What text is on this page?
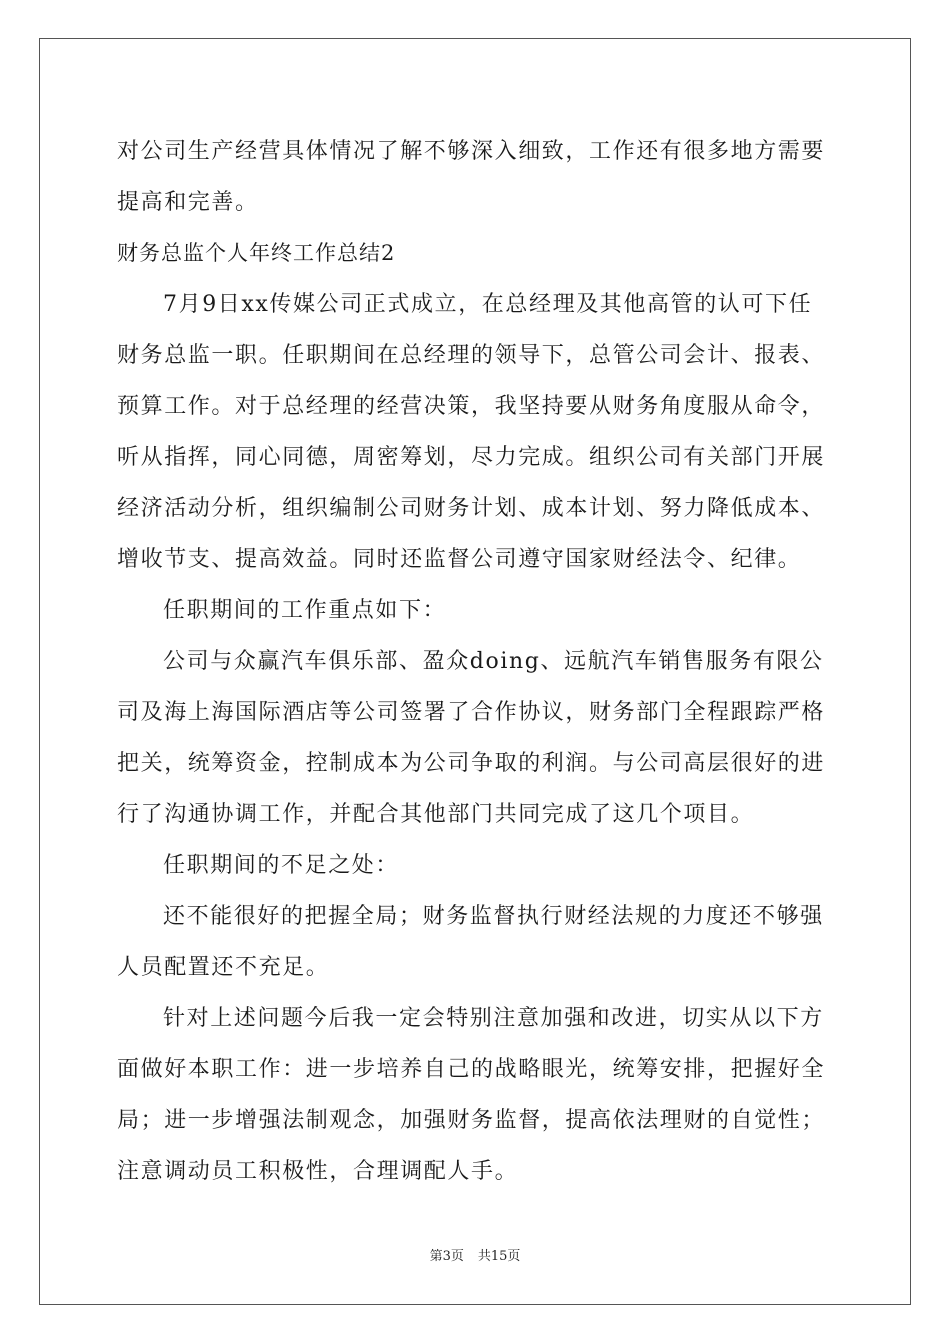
对公司生产经营具体情况了解不够深入细致，工作还有很多地方需要
提高和完善。
财务总监个人年终工作总结2
7月9日xx传媒公司正式成立，在总经理及其他高管的认可下任
财务总监一职。任职期间在总经理的领导下，总管公司会计、报表、
预算工作。对于总经理的经营决策，我坚持要从财务角度服从命令，
听从指挥，同心同德，周密筹划，尽力完成。组织公司有关部门开展
经济活动分析，组织编制公司财务计划、成本计划、努力降低成本、
增收节支、提高效益。同时还监督公司遵守国家财经法令、纪律。
任职期间的工作重点如下：
公司与众赢汽车俱乐部、盈众doing、远航汽车销售服务有限公
司及海上海国际酒店等公司签署了合作协议，财务部门全程跟踪严格
把关，统筹资金，控制成本为公司争取的利润。与公司高层很好的进
行了沟通协调工作，并配合其他部门共同完成了这几个项目。
任职期间的不足之处：
还不能很好的把握全局；财务监督执行财经法规的力度还不够强
人员配置还不充足。
针对上述问题今后我一定会特别注意加强和改进，切实从以下方
面做好本职工作：进一步培养自己的战略眼光，统筹安排，把握好全
局；进一步增强法制观念，加强财务监督，提高依法理财的自觉性；
注意调动员工积极性，合理调配人手。
第3页 共15页
